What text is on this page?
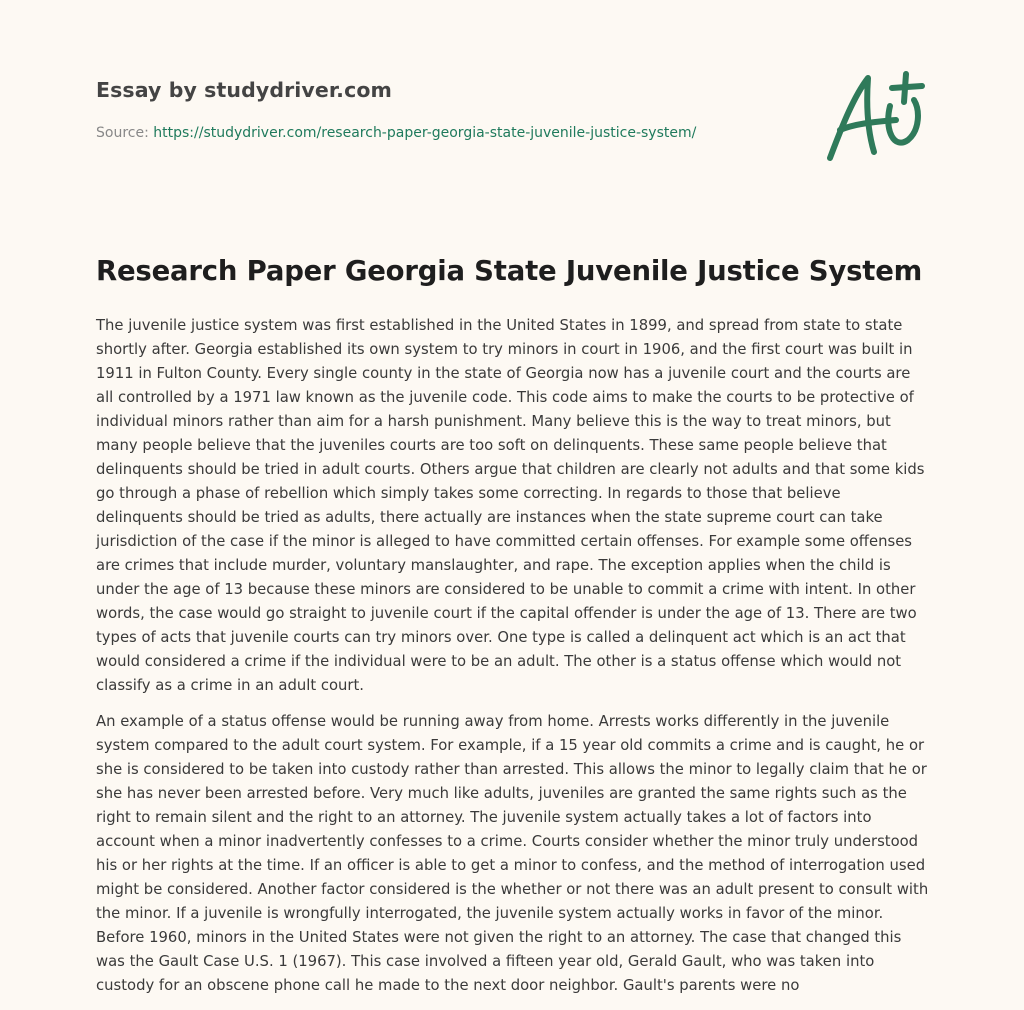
Essay by studydriver.com

Source: https://studydriver.com/research-paper-georgia-state-juvenile-justice-system/

Research Paper Georgia State Juvenile Justice System

The juvenile justice system was first established in the United States in 1899, and spread from state to state shortly after. Georgia established its own system to try minors in court in 1906, and the first court was built in 1911 in Fulton County. Every single county in the state of Georgia now has a juvenile court and the courts are all controlled by a 1971 law known as the juvenile code. This code aims to make the courts to be protective of individual minors rather than aim for a harsh punishment. Many believe this is the way to treat minors, but many people believe that the juveniles courts are too soft on delinquents. These same people believe that delinquents should be tried in adult courts. Others argue that children are clearly not adults and that some kids go through a phase of rebellion which simply takes some correcting. In regards to those that believe delinquents should be tried as adults, there actually are instances when the state supreme court can take jurisdiction of the case if the minor is alleged to have committed certain offenses. For example some offenses are crimes that include murder, voluntary manslaughter, and rape. The exception applies when the child is under the age of 13 because these minors are considered to be unable to commit a crime with intent. In other words, the case would go straight to juvenile court if the capital offender is under the age of 13. There are two types of acts that juvenile courts can try minors over. One type is called a delinquent act which is an act that would considered a crime if the individual were to be an adult. The other is a status offense which would not classify as a crime in an adult court.

An example of a status offense would be running away from home. Arrests works differently in the juvenile system compared to the adult court system. For example, if a 15 year old commits a crime and is caught, he or she is considered to be taken into custody rather than arrested. This allows the minor to legally claim that he or she has never been arrested before. Very much like adults, juveniles are granted the same rights such as the right to remain silent and the right to an attorney. The juvenile system actually takes a lot of factors into account when a minor inadvertently confesses to a crime. Courts consider whether the minor truly understood his or her rights at the time. If an officer is able to get a minor to confess, and the method of interrogation used might be considered. Another factor considered is the whether or not there was an adult present to consult with the minor. If a juvenile is wrongfully interrogated, the juvenile system actually works in favor of the minor. Before 1960, minors in the United States were not given the right to an attorney. The case that changed this was the Gault Case U.S. 1 (1967). This case involved a fifteen year old, Gerald Gault, who was taken into custody for an obscene phone call he made to the next door neighbor. Gault's parents were no
